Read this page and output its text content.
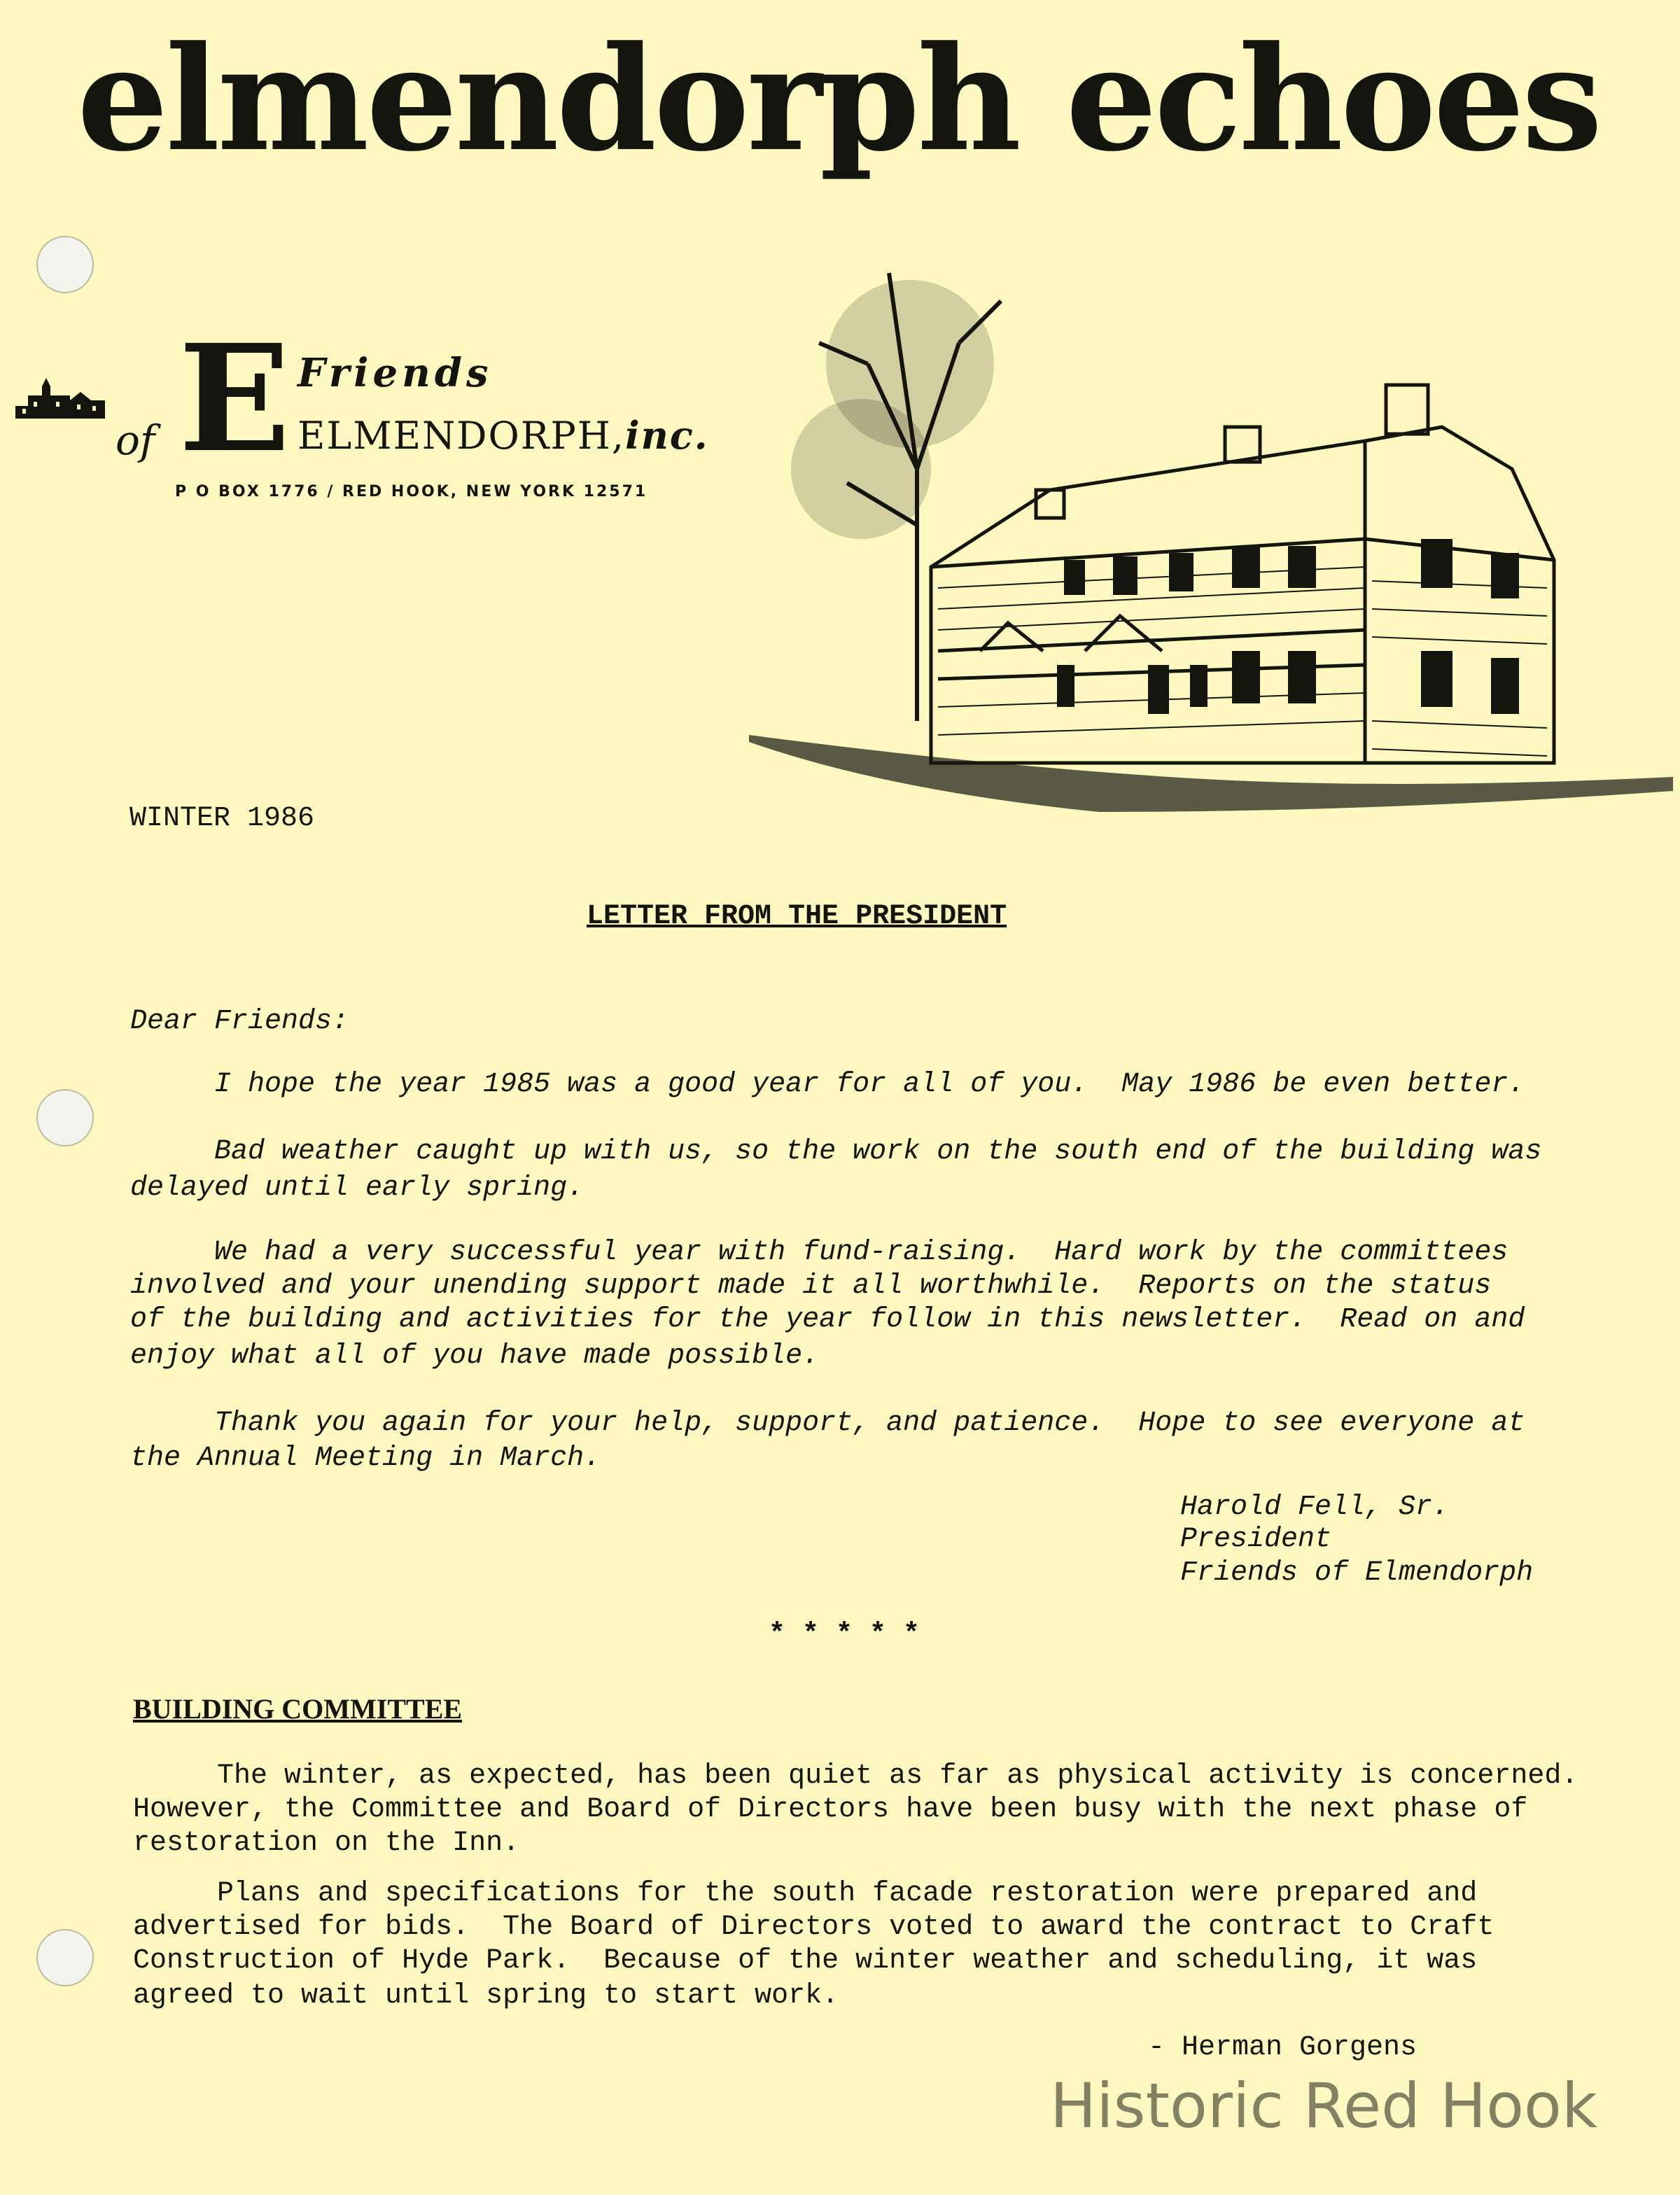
elmendorph echoes
E Friends
of	ELMENDORPH,inc.
P O BOX 1776 / RED HOOK, NEW YORK 12571
WINTER 1986
LETTER FROM THE PRESIDENT
Dear Friends:
I hope the year 1985 was a good year for all of you.  May 1986 be even better.
Bad weather caught up with us, so the work on the south end of the building was
delayed until early spring.
We had a very successful year with fund-raising.  Hard work by the committees
involved and your unending support made it all worthwhile.  Reports on the status
of the building and activities for the year follow in this newsletter.  Read on and
enjoy what all of you have made possible.
Thank you again for your help, support, and patience.  Hope to see everyone at
the Annual Meeting in March.
Harold Fell, Sr.
President
Friends of Elmendorph
* * * * *
BUILDING COMMITTEE
The winter, as expected, has been quiet as far as physical activity is concerned.
However, the Committee and Board of Directors have been busy with the next phase of
restoration on the Inn.
Plans and specifications for the south facade restoration were prepared and
advertised for bids.  The Board of Directors voted to award the contract to Craft
Construction of Hyde Park.  Because of the winter weather and scheduling, it was
agreed to wait until spring to start work.
- Herman Gorgens
Historic Red Hook
